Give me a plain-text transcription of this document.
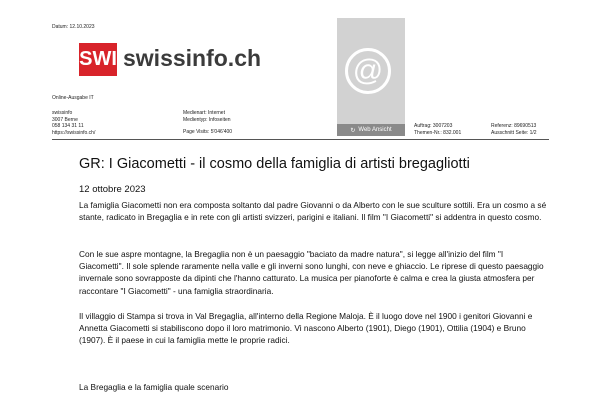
Datum: 12.10.2023
SWI swissinfo.ch
Online-Ausgabe IT
swissinfo
3007 Berne
058 134 31 11
https://swissinfo.ch/
Medienart: Internet
Medientyp: Infoseiten
Page Visits: 5'046'400
@
↻ Web Ansicht
Auftrag: 3007203
Themen-Nr.: 832.001
Referenz: 89690513
Ausschnitt Seite: 1/2
GR: I Giacometti - il cosmo della famiglia di artisti bregagliotti
12 ottobre 2023

La famiglia Giacometti non era composta soltanto dal padre Giovanni o da Alberto con le sue sculture sottili. Era un cosmo a sé stante, radicato in Bregaglia e in rete con gli artisti svizzeri, parigini e italiani. Il film "I Giacometti" si addentra in questo cosmo.

Con le sue aspre montagne, la Bregaglia non è un paesaggio "baciato da madre natura", si legge all'inizio del film "I Giacometti". Il sole splende raramente nella valle e gli inverni sono lunghi, con neve e ghiaccio. Le riprese di questo paesaggio invernale sono sovrapposte da dipinti che l'hanno catturato. La musica per pianoforte è calma e crea la giusta atmosfera per raccontare "I Giacometti" - una famiglia straordinaria.

Il villaggio di Stampa si trova in Val Bregaglia, all'interno della Regione Maloja. È il luogo dove nel 1900 i genitori Giovanni e Annetta Giacometti si stabiliscono dopo il loro matrimonio. Vi nascono Alberto (1901), Diego (1901), Ottilia (1904) e Bruno (1907). È il paese in cui la famiglia mette le proprie radici.

La Bregaglia e la famiglia quale scenario
